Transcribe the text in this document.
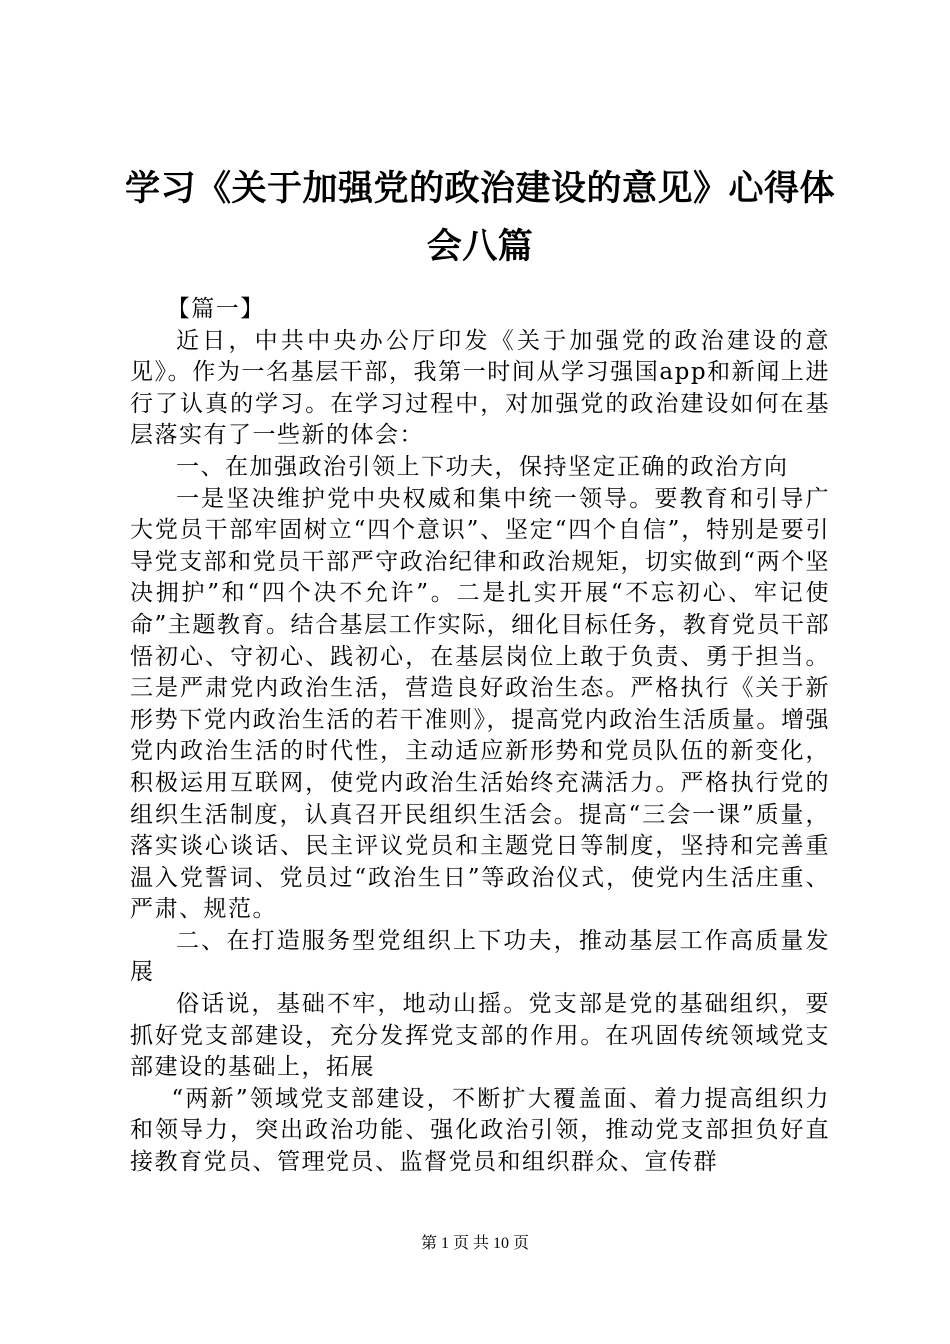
学习《关于加强党的政治建设的意见》心得体
会八篇

【篇一】

近日，中共中央办公厅印发《关于加强党的政治建设的意见》。作为一名基层干部，我第一时间从学习强国app和新闻上进行了认真的学习。在学习过程中，对加强党的政治建设如何在基层落实有了一些新的体会：

一、在加强政治引领上下功夫，保持坚定正确的政治方向

一是坚决维护党中央权威和集中统一领导。要教育和引导广大党员干部牢固树立“四个意识”、坚定“四个自信”，特别是要引导党支部和党员干部严守政治纪律和政治规矩，切实做到“两个坚决拥护”和“四个决不允许”。二是扎实开展“不忘初心、牢记使命”主题教育。结合基层工作实际，细化目标任务，教育党员干部悟初心、守初心、践初心，在基层岗位上敢于负责、勇于担当。三是严肃党内政治生活，营造良好政治生态。严格执行《关于新形势下党内政治生活的若干准则》，提高党内政治生活质量。增强党内政治生活的时代性，主动适应新形势和党员队伍的新变化，积极运用互联网，使党内政治生活始终充满活力。严格执行党的组织生活制度，认真召开民组织生活会。提高“三会一课”质量，落实谈心谈话、民主评议党员和主题党日等制度，坚持和完善重温入党誓词、党员过“政治生日”等政治仪式，使党内生活庄重、严肃、规范。

二、在打造服务型党组织上下功夫，推动基层工作高质量发展

俗话说，基础不牢，地动山摇。党支部是党的基础组织，要抓好党支部建设，充分发挥党支部的作用。在巩固传统领域党支部建设的基础上，拓展

“两新”领域党支部建设，不断扩大覆盖面、着力提高组织力和领导力，突出政治功能、强化政治引领，推动党支部担负好直接教育党员、管理党员、监督党员和组织群众、宣传群

第 1 页 共 10 页
